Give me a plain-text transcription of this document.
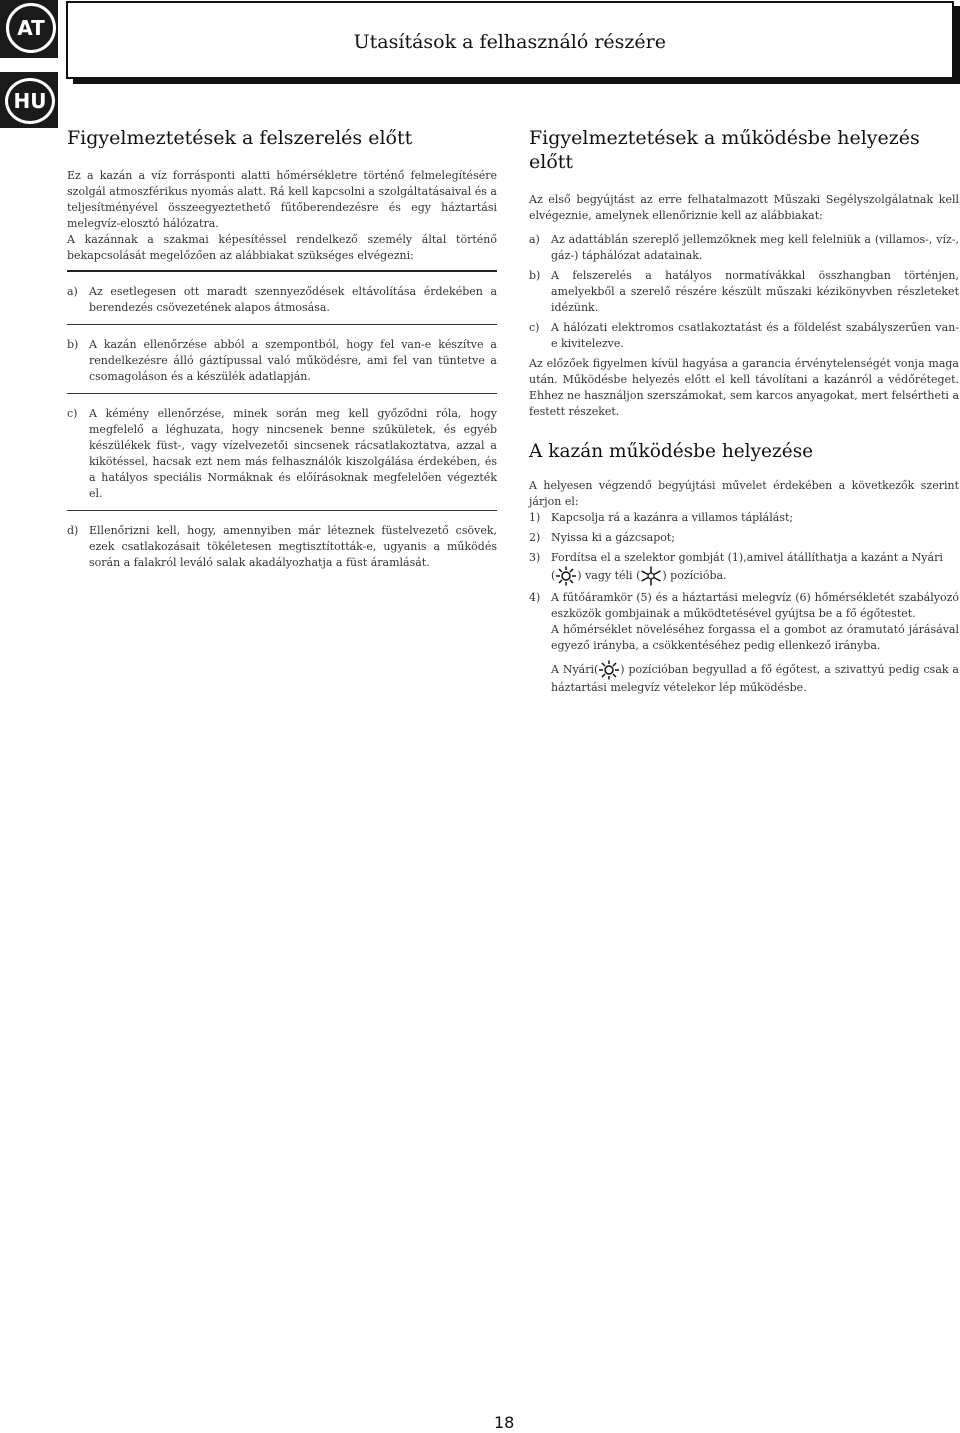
AT
HU
Utasítások a felhasználó részére
Figyelmeztetések a felszerelés előtt

Ez a kazán a víz forrásponti alatti hőmérsékletre történő felmelegítésére szolgál atmoszférikus nyomás alatt. Rá kell kapcsolni a szolgáltatásaival és a teljesítményével összeegyeztethető fűtőberendezésre és egy háztartási melegvíz-elosztó hálózatra.

A kazánnak a szakmai képesítéssel rendelkező személy által történő bekapcsolását megelőzően az alábbiakat szükséges elvégezni:

a)	Az esetlegesen ott maradt szennyeződések eltávolítása érdekében a berendezés csövezetének alapos átmosása.
b) A kazán ellenőrzése abból a szempontból, hogy fel van-e készítve a rendelkezésre álló gáztípussal való működésre, ami fel van tüntetve a csomagoláson és a készülék adatlapján.
c)	A kémény ellenőrzése, minek során meg kell győződni róla, hogy megfelelő a léghuzata, hogy nincsenek benne szűkületek, és egyéb készülékek füst-, vagy vízelvezetői sincsenek rácsatlakoztatva, azzal a kikötéssel, hacsak ezt nem más felhasználók kiszolgálása érdekében, és a hatályos speciális Normáknak és előírásoknak megfelelően végezték el.
d) Ellenőrizni kell, hogy, amennyiben már léteznek füstelvezető csövek, ezek csatlakozásait tökéletesen megtisztították-e, ugyanis a működés során a falakról leváló salak akadályozhatja a füst áramlását.
Figyelmeztetések a működésbe helyezés előtt

Az első begyújtást az erre felhatalmazott Műszaki Segélyszolgálatnak kell elvégeznie, amelynek ellenőriznie kell az alábbiakat:

a)	Az adattáblán szereplő jellemzőknek meg kell felelniük a (villamos-, víz-, gáz-) táphálózat adatainak.
b) A felszerelés a hatályos normatívákkal összhangban történjen, amelyekből a szerelő részére készült műszaki kézikönyvben részleteket idézünk.
c)	A hálózati elektromos csatlakoztatást és a földelést szabályszerűen van-e kivitelezve.

Az előzőek figyelmen kívül hagyása a garancia érvénytelenségét vonja maga után. Működésbe helyezés előtt el kell távolítani a kazánról a védőréteget. Ehhez ne használjon szerszámokat, sem karcos anyagokat, mert felsértheti a festett részeket.

A kazán működésbe helyezése

A helyesen végzendő begyújtási művelet érdekében a következők szerint járjon el:

1) Kapcsolja rá a kazánra a villamos táplálást;
2) Nyissa ki a gázcsapot;
3) Fordítsa el a szelektor gombját (1),amivel átállíthatja a kazánt a Nyári
( ) vagy téli ( ) pozícióba.
4) A fűtőáramkör (5) és a háztartási melegvíz (6) hőmérsékletét szabályozó eszközök gombjainak a működtetésével gyújtsa be a fő égőtestet.
A hőmérséklet növeléséhez forgassa el a gombot az óramutató járásával egyező irányba, a csökkentéséhez pedig ellenkező irányba.
A Nyári( ) pozícióban begyullad a fő égőtest, a szivattyú pedig csak a háztartási melegvíz vételekor lép működésbe.
18
